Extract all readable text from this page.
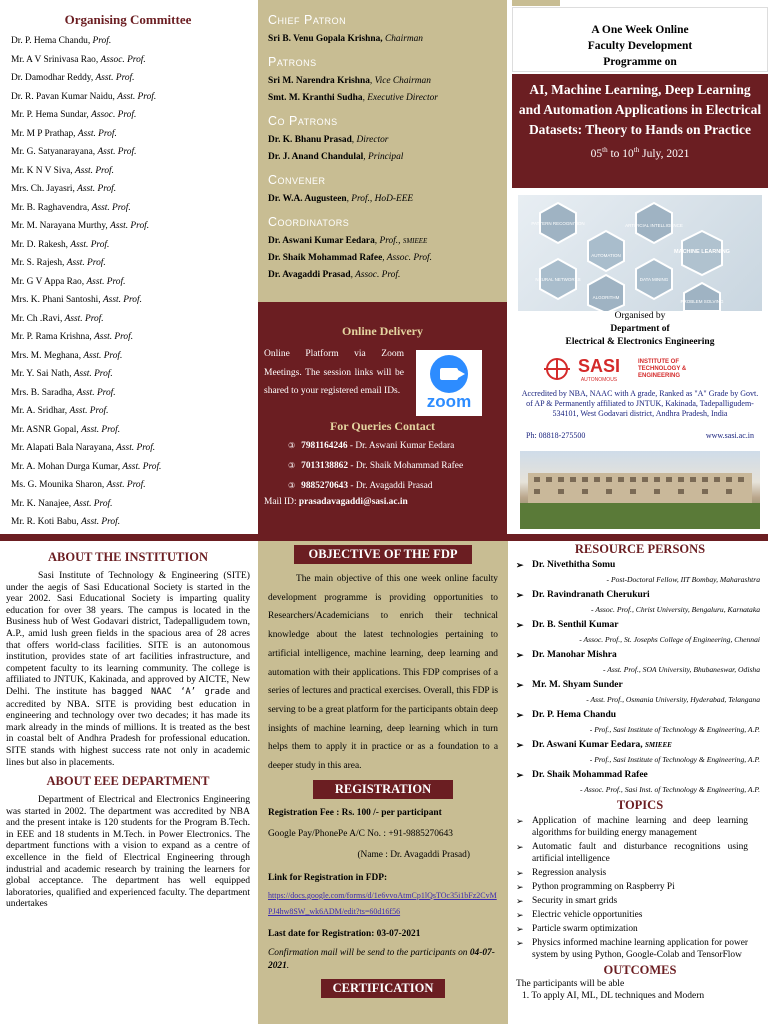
Organising Committee
Dr. P. Hema Chandu, Prof.
Mr. A V Srinivasa Rao, Assoc. Prof.
Dr. Damodhar Reddy, Asst. Prof.
Dr. R. Pavan Kumar Naidu, Asst. Prof.
Mr. P. Hema Sundar, Assoc. Prof.
Mr. M P Prathap, Asst. Prof.
Mr. G. Satyanarayana, Asst. Prof.
Mr. K N V Siva, Asst. Prof.
Mrs. Ch. Jayasri, Asst. Prof.
Mr. B. Raghavendra, Asst. Prof.
Mr. M. Narayana Murthy, Asst. Prof.
Mr. D. Rakesh, Asst. Prof.
Mr. S. Rajesh, Asst. Prof.
Mr. G V Appa Rao, Asst. Prof.
Mrs. K. Phani Santoshi, Asst. Prof.
Mr. Ch .Ravi, Asst. Prof.
Mr. P. Rama Krishna, Asst. Prof.
Mrs. M. Meghana, Asst. Prof.
Mr. Y. Sai Nath, Asst. Prof.
Mrs. B. Saradha, Asst. Prof.
Mr. A. Sridhar, Asst. Prof.
Mr. ASNR Gopal, Asst. Prof.
Mr. Alapati Bala Narayana, Asst. Prof.
Mr. A. Mohan Durga Kumar, Asst. Prof.
Ms. G. Mounika Sharon, Asst. Prof.
Mr. K. Nanajee, Asst. Prof.
Mr. R. Koti Babu, Asst. Prof.
Chief Patron

Sri B. Venu Gopala Krishna, Chairman

Patrons

Sri M. Narendra Krishna, Vice Chairman

Smt. M. Kranthi Sudha, Executive Director

Co Patrons

Dr. K. Bhanu Prasad, Director

Dr. J. Anand Chandulal, Principal

Convener

Dr. W.A. Augusteen, Prof., HoD-EEE

Coordinators

Dr. Aswani Kumar Eedara, Prof., SMIEEE

Dr. Shaik Mohammad Rafee, Assoc. Prof.

Dr. Avagaddi Prasad, Assoc. Prof.

Online Delivery

Online Platform via Zoom Meetings. The session links will be shared to your registered email IDs.

zoom
For Queries Contact
③ 7981164246 - Dr. Aswani Kumar Eedara
③ 7013138862 - Dr. Shaik Mohammad Rafee
③ 9885270643 - Dr. Avagaddi Prasad
Mail ID: prasadavagaddi@sasi.ac.in
A One Week Online
Faculty Development
Programme on
AI, Machine Learning, Deep Learning and Automation Applications in Electrical Datasets: Theory to Hands on Practice
05th to 10th July, 2021
MACHINE LEARNING
AUTOMATION
ARTIFICIAL INTELLIGENCE
DATA MINING
NEURAL NETWORKS
ALGORITHM
PROBLEM SOLVING
PATTERN RECOGNITION
Organised by
Department of
Electrical & Electronics Engineering
SASI
AUTONOMOUS
INSTITUTE OF
TECHNOLOGY &
ENGINEERING
Accredited by NBA, NAAC with A grade, Ranked as "A" Grade by Govt. of AP & Permanently affiliated to JNTUK, Kakinada, Tadepalligudem-534101, West Godavari district, Andhra Pradesh, India
Ph: 08818-275500	www.sasi.ac.in
ABOUT THE INSTITUTION

Sasi Institute of Technology & Engineering (SITE) under the aegis of Sasi Educational Society is started in the year 2002. Sasi Educational Society is imparting quality education for over 38 years. The campus is located in the Business hub of West Godavari district, Tadepalligudem town, A.P., amid lush green fields in the spacious area of 28 acres that offers world-class facilities. SITE is an autonomous institution, provides state of art facilities infrastructure, and competent faculty to its learning community. The college is affiliated to JNTUK, Kakinada, and approved by AICTE, New Delhi. The institute has bagged NAAC ‘A’ grade and accredited by NBA. SITE is providing best education in engineering and technology over two decades; it has made its mark already in the minds of millions. It is treated as the best in coastal belt of Andhra Pradesh for professional education. SITE stands with highest success rate not only in academic lines but also in placements.

ABOUT EEE DEPARTMENT

Department of Electrical and Electronics Engineering was started in 2002. The department was accredited by NBA and the present intake is 120 students for the Program B.Tech. in EEE and 18 students in M.Tech. in Power Electronics. The department functions with a vision to expand as a centre of excellence in the field of Electrical Engineering through industrial and academic research by training the learners for global acceptance. The department has well equipped laboratories, qualified and experienced faculty. The department undertakes

OBJECTIVE OF THE FDP

The main objective of this one week online faculty development programme is providing opportunities to Researchers/Academicians to enrich their technical knowledge about the latest technologies pertaining to artificial intelligence, machine learning, deep learning and automation with their applications. This FDP comprises of a series of lectures and practical exercises. Overall, this FDP is serving to be a great platform for the participants obtain deep insights of machine learning, deep learning which in turn helps them to apply it in practice or as a foundation to a deeper study in this area.

REGISTRATION

Registration Fee : Rs. 100 /- per participant

Google Pay/PhonePe A/C No. : +91-9885270643

(Name : Dr. Avagaddi Prasad)

Link for Registration in FDP:

https://docs.google.com/forms/d/1e6vvoAtmCp1lQsTOc35i1bFz2CvMPJ4hw8SW_wk6ADM/edit?ts=60d16f56

Last date for Registration: 03-07-2021

Confirmation mail will be send to the participants on 04-07-2021.

CERTIFICATION
RESOURCE PERSONS
➢ Dr. Nivethitha Somu
- Post-Doctoral Fellow, IIT Bombay, Maharashtra
➢ Dr. Ravindranath Cherukuri
- Assoc. Prof., Christ University, Bengaluru, Karnataka
➢ Dr. B. Senthil Kumar
- Assoc. Prof., St. Josephs College of Engineering, Chennai
➢ Dr. Manohar Mishra
- Asst. Prof., SOA University, Bhubaneswar, Odisha
➢ Mr. M. Shyam Sunder
- Asst. Prof., Osmania University, Hyderabad, Telangana
➢ Dr. P. Hema Chandu
- Prof., Sasi Institute of Technology & Engineering, A.P.
➢ Dr. Aswani Kumar Eedara, SMIEEE
- Prof., Sasi Institute of Technology & Engineering, A.P.
➢ Dr. Shaik Mohammad Rafee
- Assoc. Prof., Sasi Inst. of Technology & Engineering, A.P.
TOPICS
➢ Application of machine learning and deep learning algorithms for building energy management
➢ Automatic fault and disturbance recognitions using artificial intelligence
➢ Regression analysis
➢ Python programming on Raspberry Pi
➢ Security in smart grids
➢ Electric vehicle opportunities
➢ Particle swarm optimization
➢ Physics informed machine learning application for power system by using Python, Google-Colab and TensorFlow
OUTCOMES
The participants will be able
1. To apply AI, ML, DL techniques and Modern
